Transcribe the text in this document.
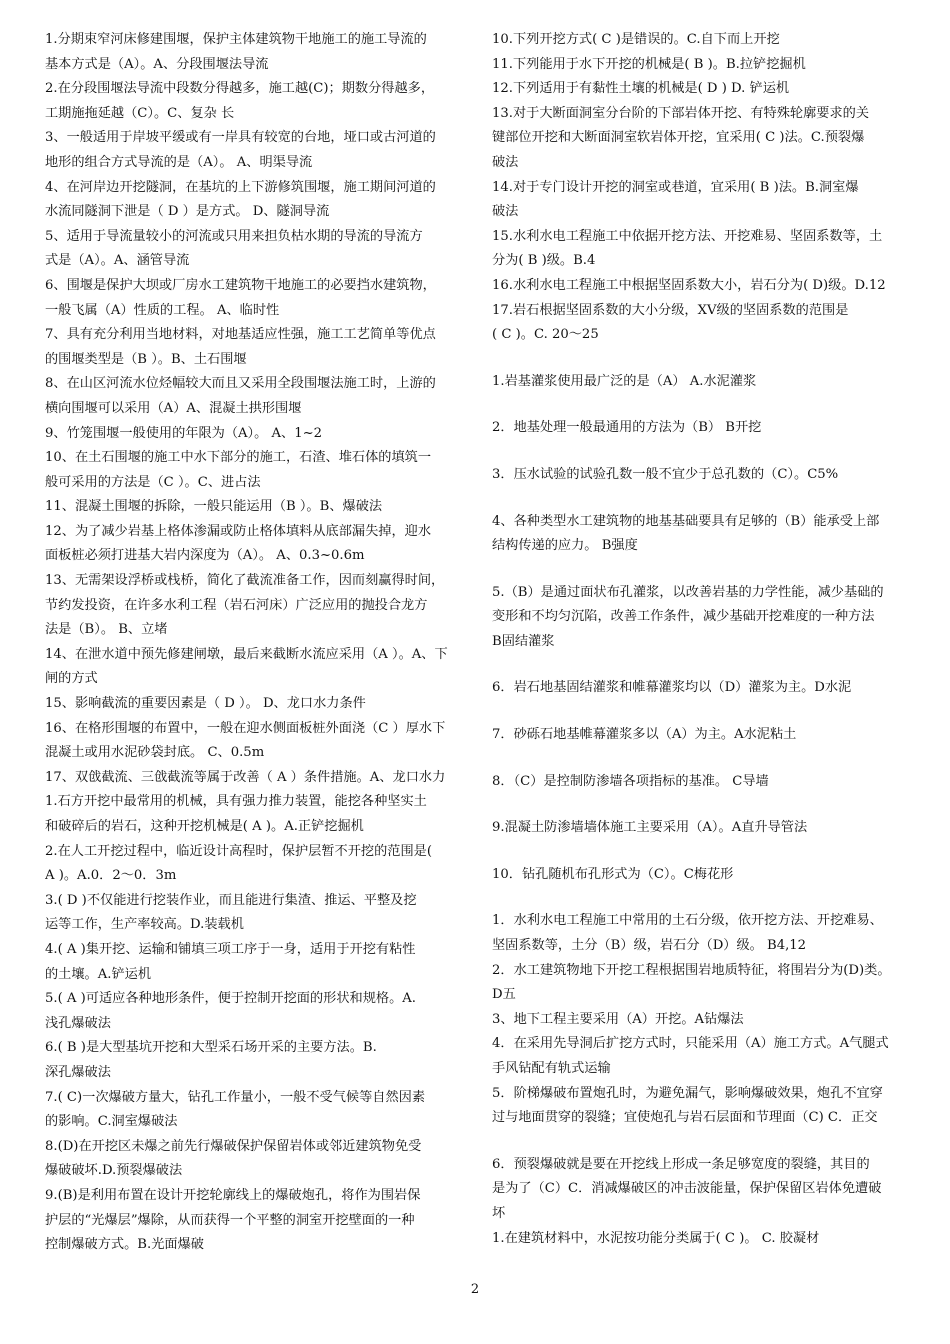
1.分期束窄河床修建围堰，保护主体建筑物干地施工的施工导流的
基本方式是（A）。A、分段围堰法导流
2.在分段围堰法导流中段数分得越多，施工越(C)；期数分得越多，
工期施拖延越（C）。C、复杂 长
3、一般适用于岸坡平缓或有一岸具有较宽的台地，垭口或古河道的
地形的组合方式导流的是（A）。 A、明渠导流
4、在河岸边开挖隧洞，在基坑的上下游修筑围堰，施工期间河道的
水流同隧洞下泄是（ D ）是方式。 D、隧洞导流
5、适用于导流量较小的河流或只用来担负枯水期的导流的导流方
式是（A）。A、涵管导流
6、围堰是保护大坝或厂房水工建筑物干地施工的必要挡水建筑物，
一般飞属（A）性质的工程。 A、临时性
7、具有充分利用当地材料，对地基适应性强，施工工艺简单等优点
的围堰类型是（B ）。B、土石围堰
8、在山区河流水位烃幅较大而且又采用全段围堰法施工时，上游的
横向围堰可以采用（A）A、混凝土拱形围堰
9、竹笼围堰一般使用的年限为（A）。 A、1~2
10、在土石围堰的施工中水下部分的施工，石渣、堆石体的填筑一
般可采用的方法是（C ）。C、进占法
11、混凝土围堰的拆除，一般只能运用（B ）。B、爆破法
12、为了减少岩基上格体渗漏或防止格体填料从底部漏失掉，迎水
面板桩必须打进基大岩内深度为（A）。 A、0.3~0.6m
13、无需架设浮桥或栈桥，简化了截流准备工作，因而刻赢得时间，
节约发投资，在许多水利工程（岩石河床）广泛应用的抛投合龙方
法是（B）。 B、立堵
14、在泄水道中预先修建闸墩，最后来截断水流应采用（A ）。A、下
闸的方式
15、影响截流的重要因素是（ D ）。 D、龙口水力条件
16、在格形围堰的布置中，一般在迎水侧面板桩外面浇（C ）厚水下
混凝土或用水泥砂袋封底。 C、0.5m
17、双戗截流、三戗截流等属于改善（ A ）条件措施。A、龙口水力
1.石方开挖中最常用的机械，具有强力推力装置，能挖各种坚实土
和破碎后的岩石，这种开挖机械是( A )。A.正铲挖掘机
2.在人工开挖过程中，临近设计高程时，保护层暂不开挖的范围是(
A )。A.0．2～0．3m
3.( D )不仅能进行挖装作业，而且能进行集渣、推运、平整及挖
运等工作，生产率较高。D.装载机
4.( A )集开挖、运输和铺填三项工序于一身，适用于开挖有粘性
的土壤。A.铲运机
5.( A )可适应各种地形条件，便于控制开挖面的形状和规格。A.
浅孔爆破法
6.( B )是大型基坑开挖和大型采石场开采的主要方法。B.
深孔爆破法
7.( C)一次爆破方量大，钻孔工作量小，一般不受气候等自然因素
的影响。C.洞室爆破法
8.(D)在开挖区未爆之前先行爆破保护保留岩体或邻近建筑物免受
爆破破坏.D.预裂爆破法
9.(B)是利用布置在设计开挖轮廓线上的爆破炮孔，将作为围岩保
护层的“光爆层”爆除，从而获得一个平整的洞室开挖壁面的一种
控制爆破方式。B.光面爆破
10.下列开挖方式( C )是错误的。C.自下而上开挖
11.下列能用于水下开挖的机械是( B )。B.拉铲挖掘机
12.下列适用于有黏性土壤的机械是( D ) D. 铲运机
13.对于大断面洞室分台阶的下部岩体开挖、有特殊轮廓要求的关
键部位开挖和大断面洞室软岩体开挖，宜采用( C )法。C.预裂爆
破法
14.对于专门设计开挖的洞室或巷道，宜采用( B )法。B.洞室爆
破法
15.水利水电工程施工中依据开挖方法、开挖难易、坚固系数等，土
分为( B )级。B.4
16.水利水电工程施工中根据坚固系数大小，岩石分为( D)级。D.12
17.岩石根据坚固系数的大小分级，XV级的坚固系数的范围是
( C )。C. 20～25
1.岩基灌浆使用最广泛的是（A） A.水泥灌浆
2．地基处理一般最通用的方法为（B） B开挖
3．压水试验的试验孔数一般不宜少于总孔数的（C）。C5%
4、各种类型水工建筑物的地基基础要具有足够的（B）能承受上部
结构传递的应力。 B强度
5.（B）是通过面状布孔灌浆，以改善岩基的力学性能，减少基础的
变形和不均匀沉陷，改善工作条件，减少基础开挖难度的一种方法
B固结灌浆
6．岩石地基固结灌浆和帷幕灌浆均以（D）灌浆为主。D水泥
7．砂砾石地基帷幕灌浆多以（A）为主。A水泥粘土
8．（C）是控制防渗墙各项指标的基准。 C导墙
9.混凝土防渗墙墙体施工主要采用（A）。A直升导管法
10．钻孔随机布孔形式为（C）。C梅花形
1．水利水电工程施工中常用的土石分级，依开挖方法、开挖难易、
坚固系数等，土分（B）级，岩石分（D）级。 B4,12
2．水工建筑物地下开挖工程根据围岩地质特征，将围岩分为(D)类。
D五
3、地下工程主要采用（A）开挖。A钻爆法
4．在采用先导洞后扩挖方式时，只能采用（A）施工方式。A气腿式
手风钻配有轨式运输
5．阶梯爆破布置炮孔时，为避免漏气，影响爆破效果，炮孔不宜穿
过与地面贯穿的裂缝；宜使炮孔与岩石层面和节理面（C) C．正交
6．预裂爆破就是要在开挖线上形成一条足够宽度的裂缝，其目的
是为了（C）C．消减爆破区的冲击波能量，保护保留区岩体免遭破
坏
1.在建筑材料中，水泥按功能分类属于( C )。 C. 胶凝材
2
